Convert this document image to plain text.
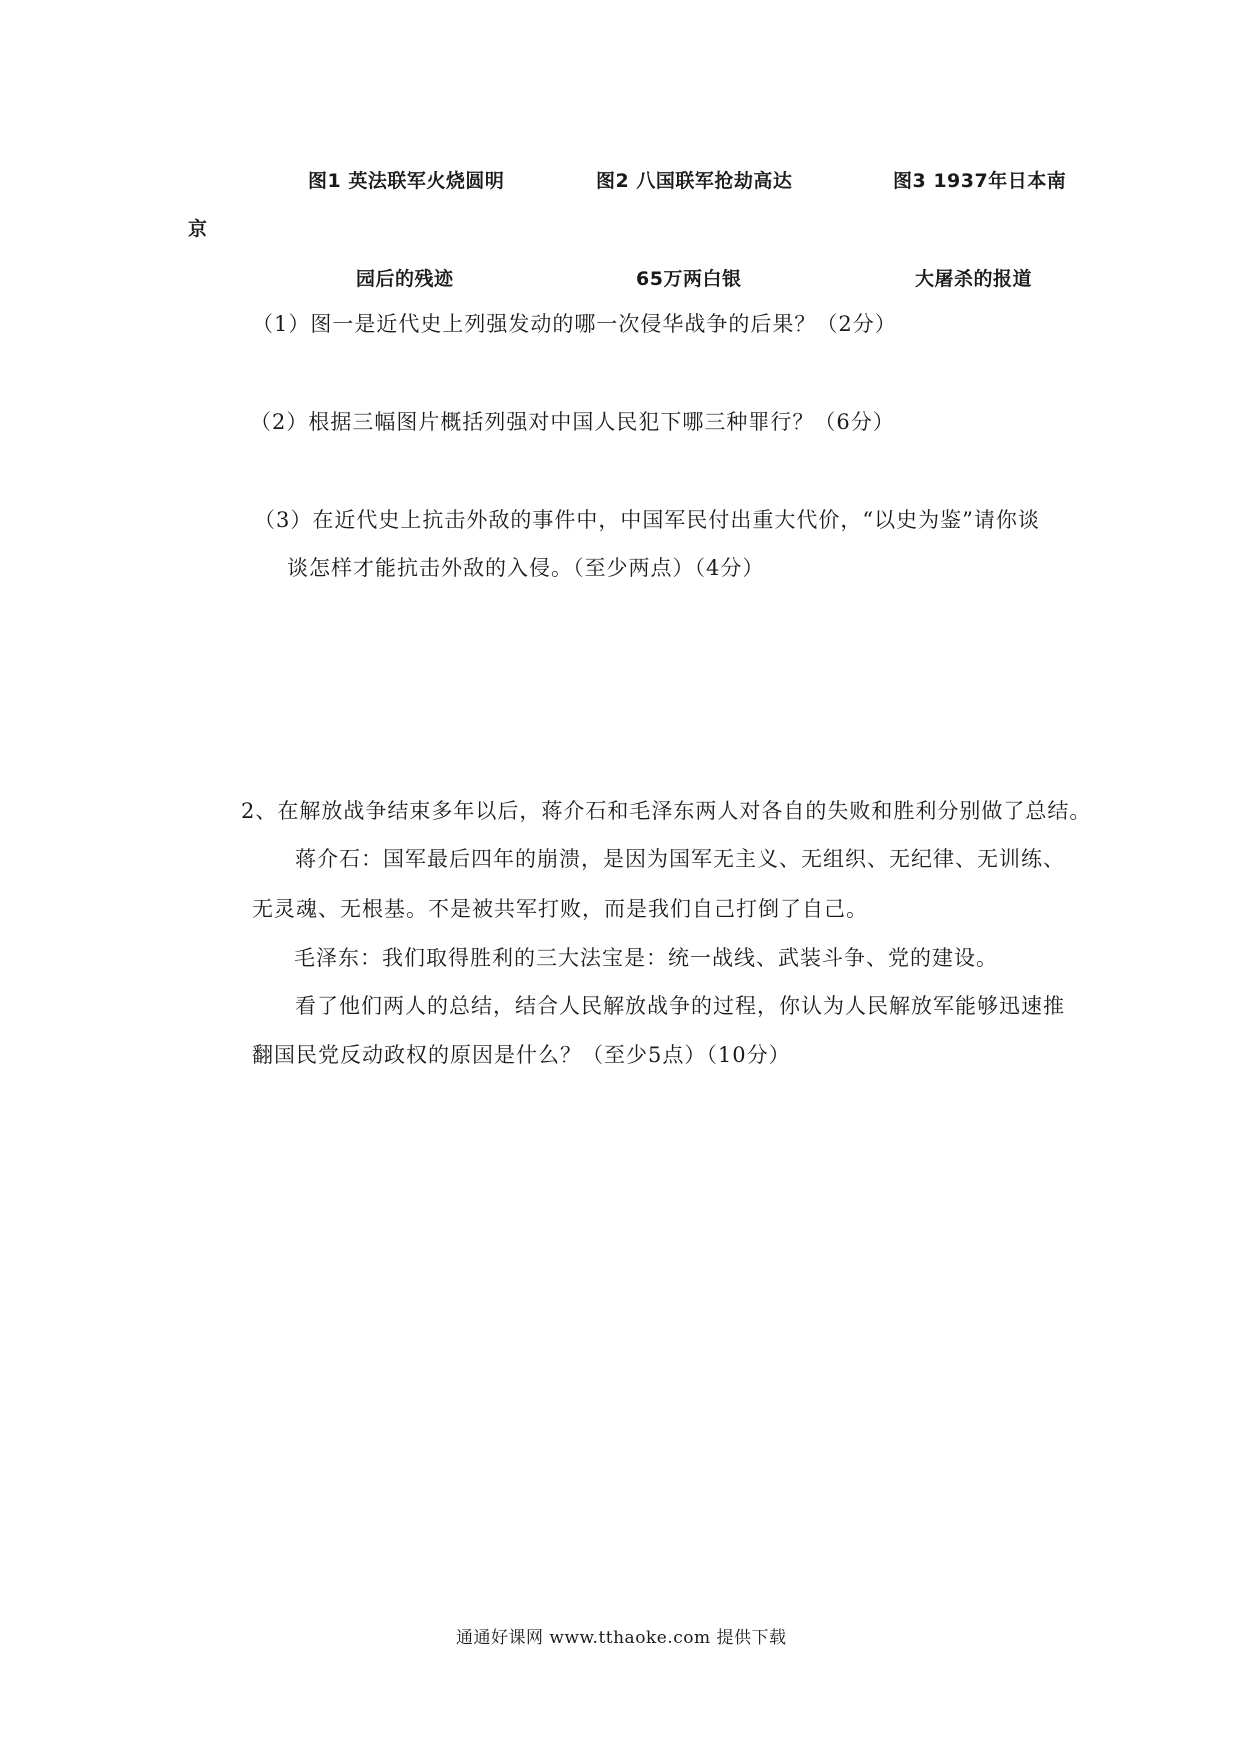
图1 英法联军火烧圆明	图2 八国联军抢劫高达	图3 1937年日本南
京
园后的残迹	65万两白银	大屠杀的报道
（1）图一是近代史上列强发动的哪一次侵华战争的后果？（2分）
（2）根据三幅图片概括列强对中国人民犯下哪三种罪行？（6分）
（3）在近代史上抗击外敌的事件中，中国军民付出重大代价，“以史为鉴”请你谈
谈怎样才能抗击外敌的入侵。（至少两点）（4分）
2、在解放战争结束多年以后，蒋介石和毛泽东两人对各自的失败和胜利分别做了总结。
蒋介石：国军最后四年的崩溃，是因为国军无主义、无组织、无纪律、无训练、
无灵魂、无根基。不是被共军打败，而是我们自己打倒了自己。
毛泽东：我们取得胜利的三大法宝是：统一战线、武装斗争、党的建设。
看了他们两人的总结，结合人民解放战争的过程，你认为人民解放军能够迅速推
翻国民党反动政权的原因是什么？（至少5点）（10分）
通通好课网 www.tthaoke.com 提供下载
